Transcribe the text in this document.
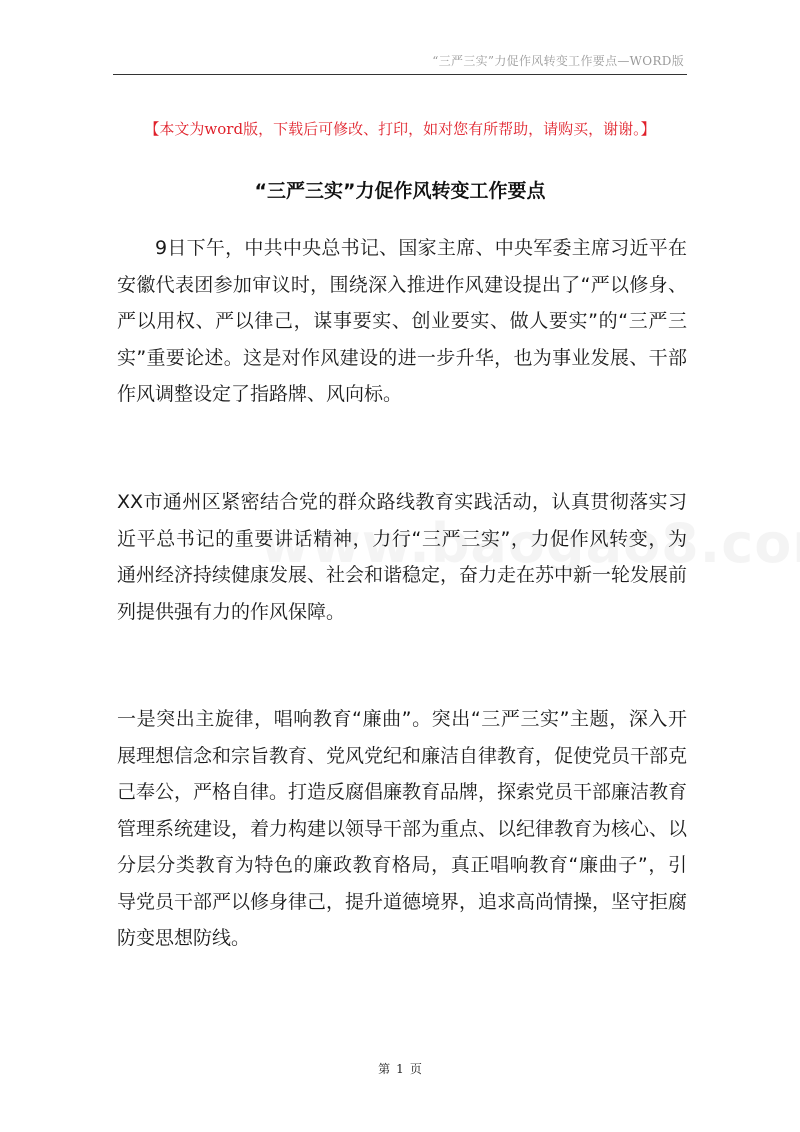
“三严三实”力促作风转变工作要点—WORD版
【本文为word版，下载后可修改、打印，如对您有所帮助，请购买，谢谢。】
“三严三实”力促作风转变工作要点

9日下午，中共中央总书记、国家主席、中央军委主席习近平在安徽代表团参加审议时，围绕深入推进作风建设提出了“严以修身、严以用权、严以律己，谋事要实、创业要实、做人要实”的“三严三实”重要论述。这是对作风建设的进一步升华，也为事业发展、干部作风调整设定了指路牌、风向标。

XX市通州区紧密结合党的群众路线教育实践活动，认真贯彻落实习近平总书记的重要讲话精神，力行“三严三实”，力促作风转变，为通州经济持续健康发展、社会和谐稳定，奋力走在苏中新一轮发展前列提供强有力的作风保障。

一是突出主旋律，唱响教育“廉曲”。突出“三严三实”主题，深入开展理想信念和宗旨教育、党风党纪和廉洁自律教育，促使党员干部克己奉公，严格自律。打造反腐倡廉教育品牌，探索党员干部廉洁教育管理系统建设，着力构建以领导干部为重点、以纪律教育为核心、以分层分类教育为特色的廉政教育格局，真正唱响教育“廉曲子”，引导党员干部严以修身律己，提升道德境界，追求高尚情操，坚守拒腐防变思想防线。

第 1 页
